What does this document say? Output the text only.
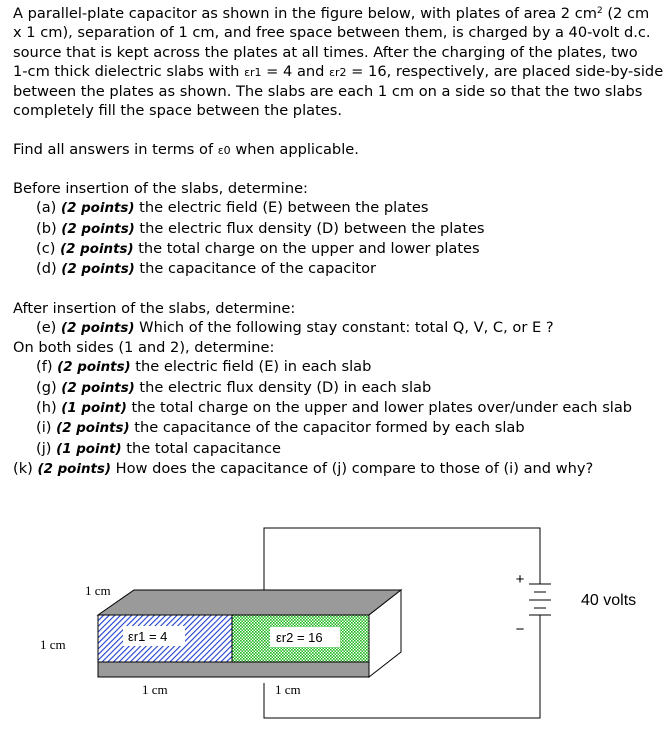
A parallel-plate capacitor as shown in the figure below, with plates of area 2 $cm^2$ (2 cm

x 1 cm), separation of 1 cm, and free space between them, is charged by a 40-volt d.c.

source that is kept across the plates at all times. After the charging of the plates, two

1-cm thick dielectric slabs with εr1 = 4 and εr2 = 16, respectively, are placed side-by-side

between the plates as shown. The slabs are each 1 cm on a side so that the two slabs

completely fill the space between the plates.

Find all answers in terms of ε0 when applicable.

Before insertion of the slabs, determine:

(a) (2 points) the electric field (E) between the plates

(b) (2 points) the electric flux density (D) between the plates

(c) (2 points) the total charge on the upper and lower plates

(d) (2 points) the capacitance of the capacitor

After insertion of the slabs, determine:

(e) (2 points) Which of the following stay constant: total Q, V, C, or E ?

On both sides (1 and 2), determine:

(f) (2 points) the electric field (E) in each slab

(g) (2 points) the electric flux density (D) in each slab

(h) (1 point) the total charge on the upper and lower plates over/under each slab

(i) (2 points) the capacitance of the capacitor formed by each slab

(j) (1 point) the total capacitance

(k) (2 points) How does the capacitance of (j) compare to those of (i) and why?

+
−
40 volts
εr1 = 4	εr2 = 16
1 cm
1 cm
1 cm	1 cm
